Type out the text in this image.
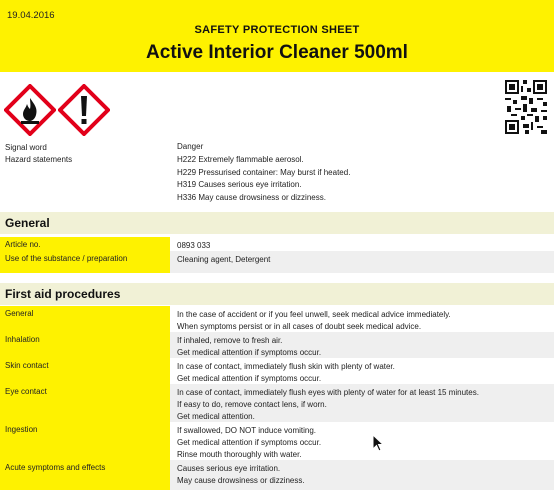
19.04.2016
SAFETY PROTECTION SHEET
Active Interior Cleaner 500ml
Signal word	Danger
Hazard statements	H222 Extremely flammable aerosol.
H229 Pressurised container: May burst if heated.
H319 Causes serious eye irritation.
H336 May cause drowsiness or dizziness.
General
Article no.	0893 033
Use of the substance / preparation	Cleaning agent, Detergent
First aid procedures
General	In the case of accident or if you feel unwell, seek medical advice immediately.
When symptoms persist or in all cases of doubt seek medical advice.
Inhalation	If inhaled, remove to fresh air.
Get medical attention if symptoms occur.
Skin contact	In case of contact, immediately flush skin with plenty of water.
Get medical attention if symptoms occur.
Eye contact	In case of contact, immediately flush eyes with plenty of water for at least 15 minutes.
If easy to do, remove contact lens, if worn.
Get medical attention.
Ingestion	If swallowed, DO NOT induce vomiting.
Get medical attention if symptoms occur.
Rinse mouth thoroughly with water.
Acute symptoms and effects	Causes serious eye irritation.
May cause drowsiness or dizziness.
